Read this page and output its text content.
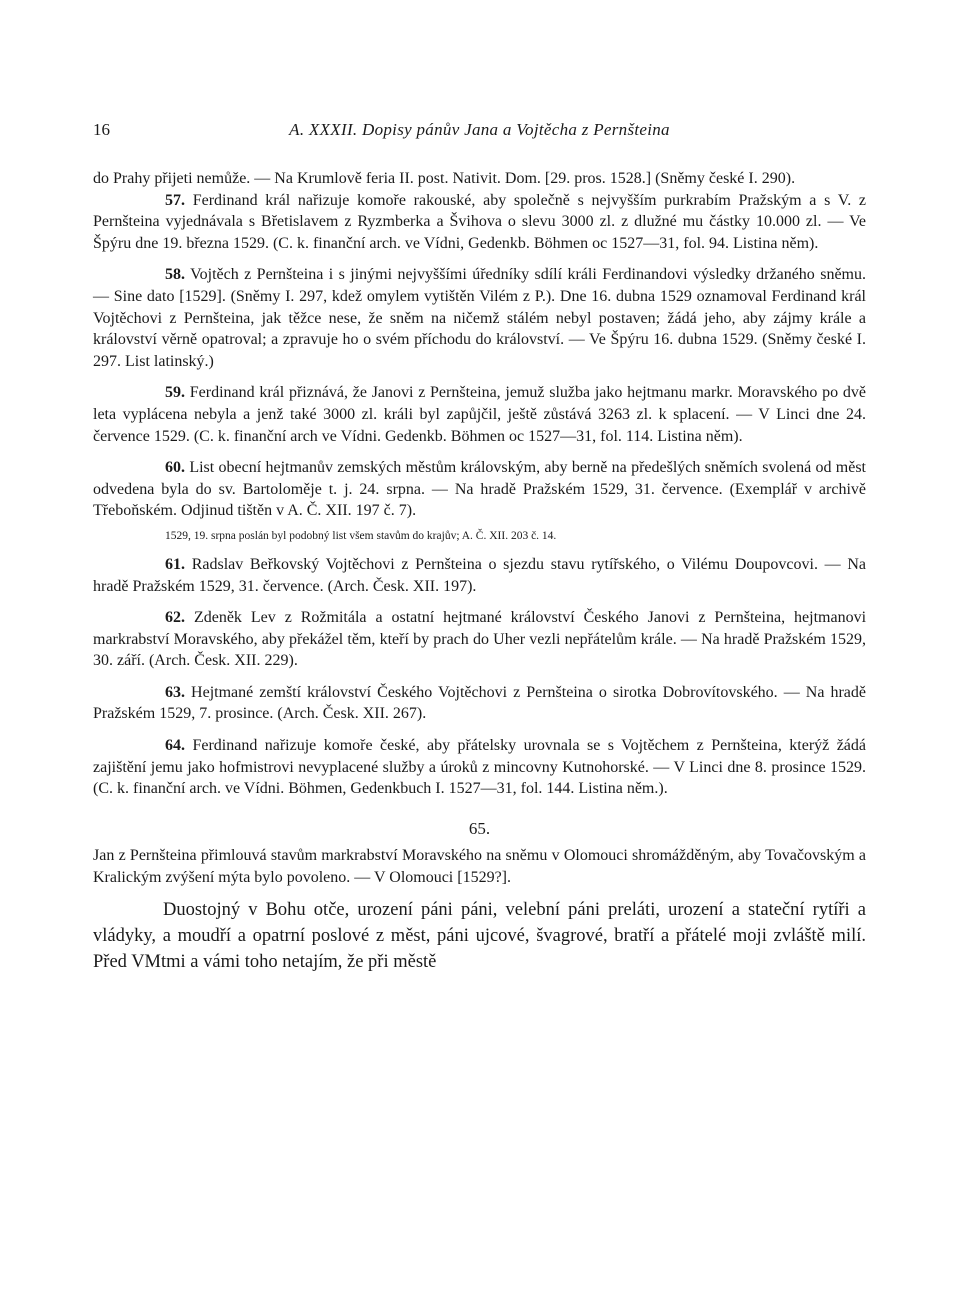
16	A. XXXII. Dopisy pánův Jana a Vojtěcha z Pernšteina

do Prahy přijeti nemůže. — Na Krumlově feria II. post. Nativit. Dom. [29. pros. 1528.] (Sněmy české I. 290).

57. Ferdinand král nařizuje komoře rakouské, aby společně s nejvyšším purkrabím Pražským a s V. z Pernšteina vyjednávala s Břetislavem z Ryzmberka a Švihova o slevu 3000 zl. z dlužné mu částky 10.000 zl. — Ve Špýru dne 19. března 1529. (C. k. finanční arch. ve Vídni, Gedenkb. Böhmen oc 1527—31, fol. 94. Listina něm).

58. Vojtěch z Pernšteina i s jinými nejvyššími úředníky sdílí králi Ferdinandovi výsledky držaného sněmu. — Sine dato [1529]. (Sněmy I. 297, kdež omylem vytištěn Vilém z P.). Dne 16. dubna 1529 oznamoval Ferdinand král Vojtěchovi z Pernšteina, jak těžce nese, že sněm na ničemž stálém nebyl postaven; žádá jeho, aby zájmy krále a království věrně opatroval; a zpravuje ho o svém příchodu do království. — Ve Špýru 16. dubna 1529. (Sněmy české I. 297. List latinský.)

59. Ferdinand král přiznává, že Janovi z Pernšteina, jemuž služba jako hejtmanu markr. Moravského po dvě leta vyplácena nebyla a jenž také 3000 zl. králi byl zapůjčil, ještě zůstává 3263 zl. k splacení. — V Linci dne 24. července 1529. (C. k. finanční arch ve Vídni. Gedenkb. Böhmen oc 1527—31, fol. 114. Listina něm).

60. List obecní hejtmanův zemských městům královským, aby berně na předešlých sněmích svolená od měst odvedena byla do sv. Bartoloměje t. j. 24. srpna. — Na hradě Pražském 1529, 31. července. (Exemplář v archivě Třeboňském. Odjinud tištěn v A. Č. XII. 197 č. 7).

1529, 19. srpna poslán byl podobný list všem stavům do krajův; A. Č. XII. 203 č. 14.

61. Radslav Beřkovský Vojtěchovi z Pernšteina o sjezdu stavu rytířského, o Vilému Doupovcovi. — Na hradě Pražském 1529, 31. července. (Arch. Česk. XII. 197).

62. Zdeněk Lev z Rožmitála a ostatní hejtmané království Českého Janovi z Pernšteina, hejtmanovi markrabství Moravského, aby překážel těm, kteří by prach do Uher vezli nepřátelům krále. — Na hradě Pražském 1529, 30. září. (Arch. Česk. XII. 229).

63. Hejtmané zemští království Českého Vojtěchovi z Pernšteina o sirotka Dobrovítovského. — Na hradě Pražském 1529, 7. prosince. (Arch. Česk. XII. 267).

64. Ferdinand nařizuje komoře české, aby přátelsky urovnala se s Vojtěchem z Pernšteina, kterýž žádá zajištění jemu jako hofmistrovi nevyplacené služby a úroků z mincovny Kutnohorské. — V Linci dne 8. prosince 1529. (C. k. finanční arch. ve Vídni. Böhmen, Gedenkbuch I. 1527—31, fol. 144. Listina něm.).

65.

Jan z Pernšteina přimlouvá stavům markrabství Moravského na sněmu v Olomouci shromážděným, aby Tovačovským a Kralickým zvýšení mýta bylo povoleno. — V Olomouci [1529?].

Duostojný v Bohu otče, urození páni páni, velební páni preláti, urození a stateční rytíři a vládyky, a moudří a opatrní poslové z měst, páni ujcové, švagrové, bratří a přátelé moji zvláště milí. Před VMtmi a vámi toho netajím, že při městě
